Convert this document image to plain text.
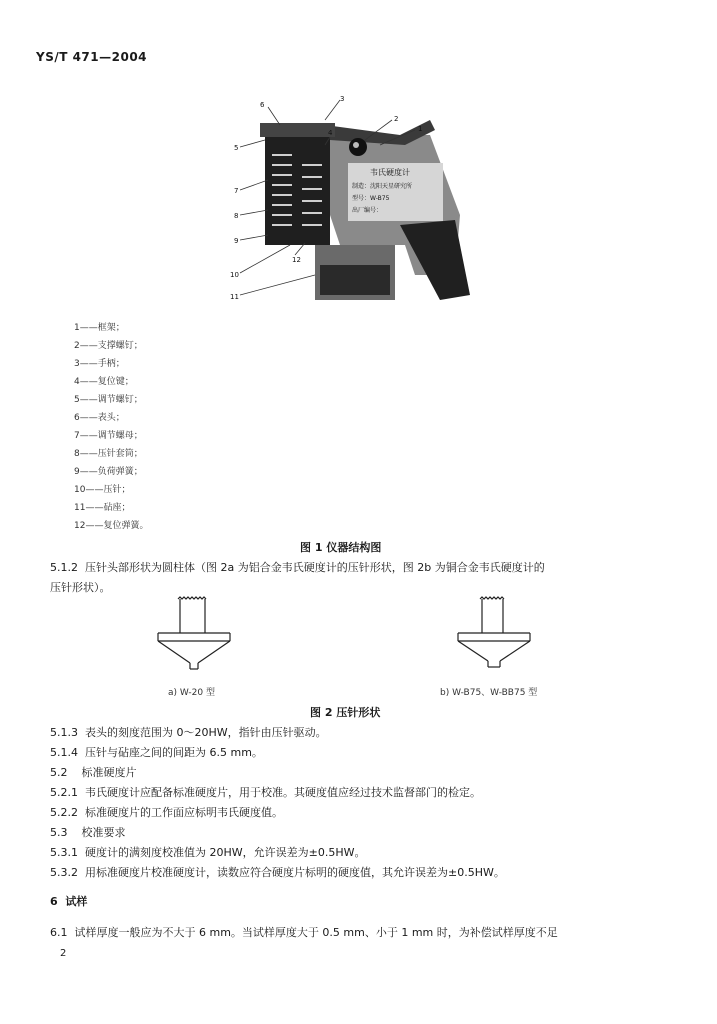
YS/T 471—2004
韦氏硬度计
制造：沈阳天星研究所
型号：W-B75
出厂编号：
6
3
2
1
4
5
7
8
9
10
11
12
1——框架；
2——支撑螺钉；
3——手柄；
4——复位键；
5——调节螺钉；
6——表头；
7——调节螺母；
8——压针套筒；
9——负荷弹簧；
10——压针；
11——砧座；
12——复位弹簧。
图 1 仪器结构图
5.1.2 压针头部形状为圆柱体（图 2a 为铝合金韦氏硬度计的压针形状，图 2b 为铜合金韦氏硬度计的
压针形状）。
a) W-20 型	b) W-B75、W-BB75 型
图 2 压针形状
5.1.3 表头的刻度范围为 0～20HW，指针由压针驱动。
5.1.4 压针与砧座之间的间距为 6.5 mm。
5.2 标准硬度片
5.2.1 韦氏硬度计应配备标准硬度片，用于校准。其硬度值应经过技术监督部门的检定。
5.2.2 标准硬度片的工作面应标明韦氏硬度值。
5.3 校准要求
5.3.1 硬度计的满刻度校准值为 20HW，允许误差为±0.5HW。
5.3.2 用标准硬度片校准硬度计，读数应符合硬度片标明的硬度值，其允许误差为±0.5HW。
6 试样
6.1 试样厚度一般应为不大于 6 mm。当试样厚度大于 0.5 mm、小于 1 mm 时，为补偿试样厚度不足
2
